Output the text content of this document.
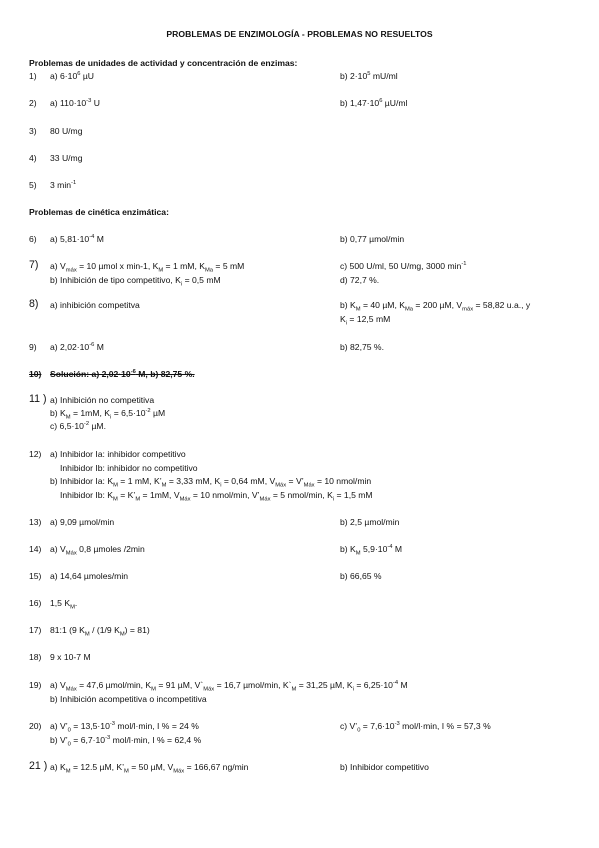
PROBLEMAS DE ENZIMOLOGÍA - PROBLEMAS NO RESUELTOS
Problemas de unidades de actividad y concentración de enzimas:
1) a) $6\cdot 10^6$ µU	b) $2\cdot 10^5$ mU/ml
2) a) $110\cdot 10^{-3}$ U	b) $1,47\cdot 10^6$ µU/ml
3) 80 U/mg
4) 33 U/mg
5) 3 $\min^{-1}$
Problemas de cinética enzimática:
6) a) $5,81\cdot 10^{-4}$ M	b) 0,77 µmol/min
7) a) $V_{máx} = 10$ µmol x min-1, $K_M = 1$ mM, $K_{Ma} = 5$ mM	c) 500 U/ml, 50 U/mg, 3000 $\min^{-1}$
b) Inhibición de tipo competitivo, $K_i = 0,5$ mM	d) 72,7 %.
8) a) inhibición competitva	b) $K_M = 40$ µM, $K_{Ma} = 200$ µM, $V_{máx} = 58,82$ u.a., y
$K_i = 12,5$ mM
9) a) $2,02\cdot 10^{-6}$ M	b) 82,75 %.
10) Solución: a) $2,02\cdot 10^{-6}$ M, b) 82,75 %.
11 ) a) Inhibición no competitiva
b) $K_M = 1mM$, $K_i = 6,5\cdot 10^{-2}$ µM
c) $6,5\cdot 10^{-2}$ µM.
12) a) Inhibidor Ia: inhibidor competitivo
Inhibidor Ib: inhibidor no competitivo
b) Inhibidor Ia: $K_M = 1$ mM, $K’_M = 3,33$ mM, $K_i = 0,64$ mM, $V_{Máx}$ = $V’_{Máx} = 10$ nmol/min
Inhibidor Ib: $K_M$ = $K’_M = 1mM$, $V_{Máx} = 10$ nmol/min, $V’_{Máx} = 5$ nmol/min, $K_i = 1,5$ mM
13) a) 9,09 µmol/min	b) 2,5 µmol/min
14) a) $V_{Máx}$ 0,8 µmoles /2min	b) $K_M$ $5,9\cdot 10^{-4}$ M
15) a) 14,64 µmoles/min	b) 66,65 %
16) 1,5 $K_M$.
17) 81:1 (9 $K_M / (1/9$ $K_M) = 81$)
18) 9 x 10-7 M
19) a) $V_{Máx} = 47,6$ µmol/min, $K_M = 91$ µM, $V`_{Máx} = 16,7$ µmol/min, $K`_M = 31,25$ µM, $K_i = 6,25\cdot 10^{-4}$ M
b) Inhibición acompetitiva o incompetitiva
20) a) $V’_0 = 13,5\cdot 10^{-3}$ mol/l·min, I % = 24 %	c) $V’_0 = 7,6\cdot 10^{-3}$ mol/l·min, I % = 57,3 %
b) $V’_0 = 6,7\cdot 10^{-3}$ mol/l·min, I % = 62,4 %
21 ) a) $K_M = 12.5$ µM, $K’_M = 50$ µM, $V_{Máx} = 166,67$ ng/min	b) Inhibidor competitivo
